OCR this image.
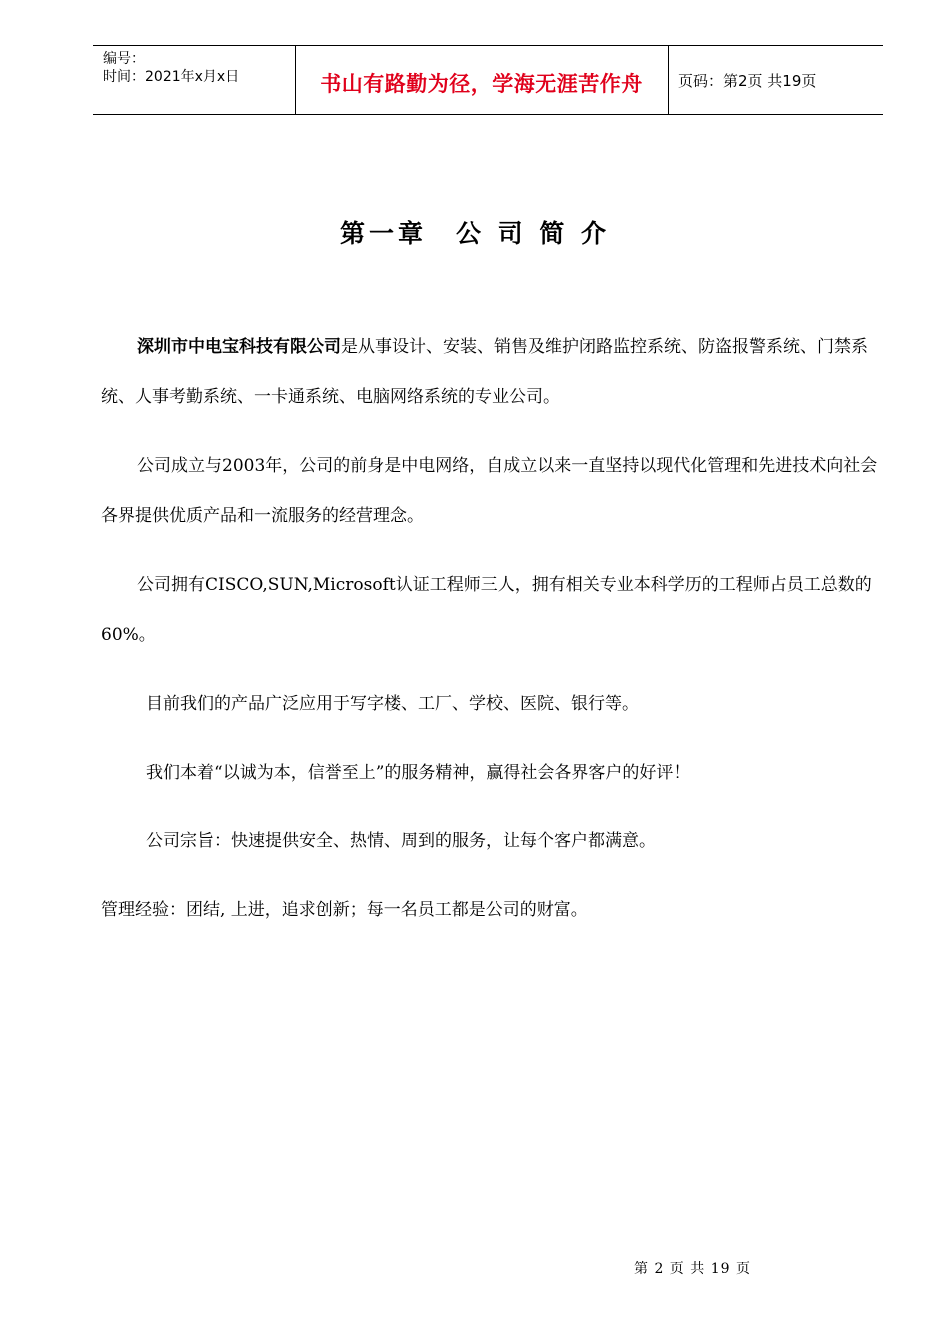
编号：
时间：2021年x月x日	书山有路勤为径，学海无涯苦作舟	页码：第2页 共19页
第一章　公 司 简 介
深圳市中电宝科技有限公司是从事设计、安装、销售及维护闭路监控系统、防盗报警系统、门禁系统、人事考勤系统、一卡通系统、电脑网络系统的专业公司。
公司成立与2003年，公司的前身是中电网络，自成立以来一直坚持以现代化管理和先进技术向社会各界提供优质产品和一流服务的经营理念。
公司拥有CISCO,SUN,Microsoft认证工程师三人，拥有相关专业本科学历的工程师占员工总数的60%。
目前我们的产品广泛应用于写字楼、工厂、学校、医院、银行等。
我们本着“以诚为本，信誉至上”的服务精神，赢得社会各界客户的好评！
公司宗旨：快速提供安全、热情、周到的服务，让每个客户都满意。
管理经验：团结, 上进，追求创新；每一名员工都是公司的财富。
第 2 页 共 19 页
